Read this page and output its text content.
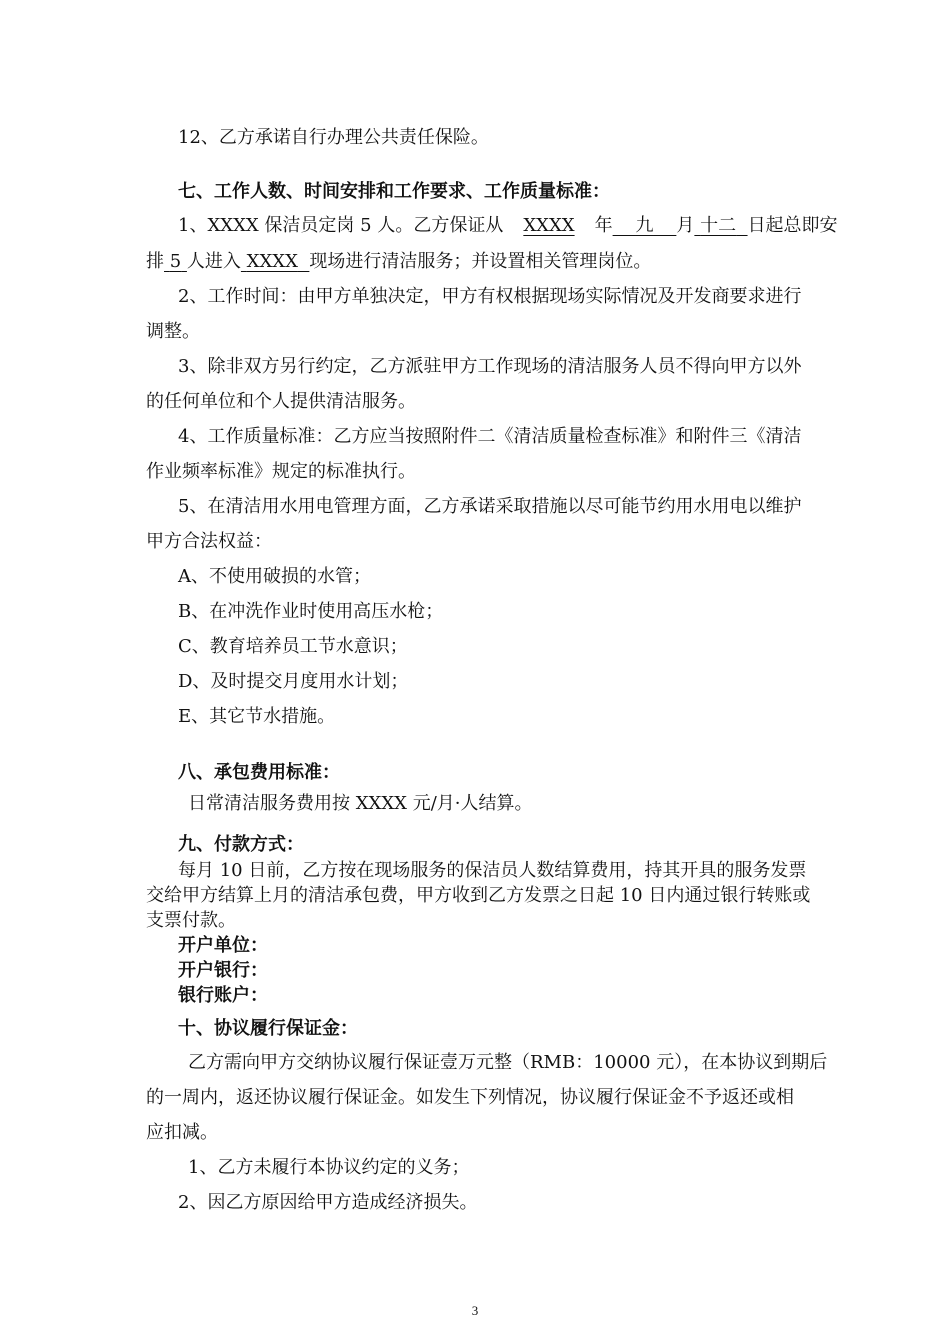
12、乙方承诺自行办理公共责任保险。
七、工作人数、时间安排和工作要求、工作质量标准：
1、XXXX 保洁员定岗 5 人。乙方保证从 XXXX 年 九 月 十二 日起总即安
排 5 人进入 XXXX 现场进行清洁服务；并设置相关管理岗位。
2、工作时间：由甲方单独决定，甲方有权根据现场实际情况及开发商要求进行
调整。
3、除非双方另行约定，乙方派驻甲方工作现场的清洁服务人员不得向甲方以外
的任何单位和个人提供清洁服务。
4、工作质量标准：乙方应当按照附件二《清洁质量检查标准》和附件三《清洁
作业频率标准》规定的标准执行。
5、在清洁用水用电管理方面，乙方承诺采取措施以尽可能节约用水用电以维护
甲方合法权益：
A、不使用破损的水管；
B、在冲洗作业时使用高压水枪；
C、教育培养员工节水意识；
D、及时提交月度用水计划；
E、其它节水措施。
八、承包费用标准：
日常清洁服务费用按 XXXX 元/月·人结算。
九、付款方式：
每月 10 日前，乙方按在现场服务的保洁员人数结算费用，持其开具的服务发票
交给甲方结算上月的清洁承包费，甲方收到乙方发票之日起 10 日内通过银行转账或
支票付款。
开户单位：
开户银行：
银行账户：
十、协议履行保证金：
乙方需向甲方交纳协议履行保证壹万元整（RMB：10000 元），在本协议到期后
的一周内，返还协议履行保证金。如发生下列情况，协议履行保证金不予返还或相
应扣减。
1、乙方未履行本协议约定的义务；
2、因乙方原因给甲方造成经济损失。
3
